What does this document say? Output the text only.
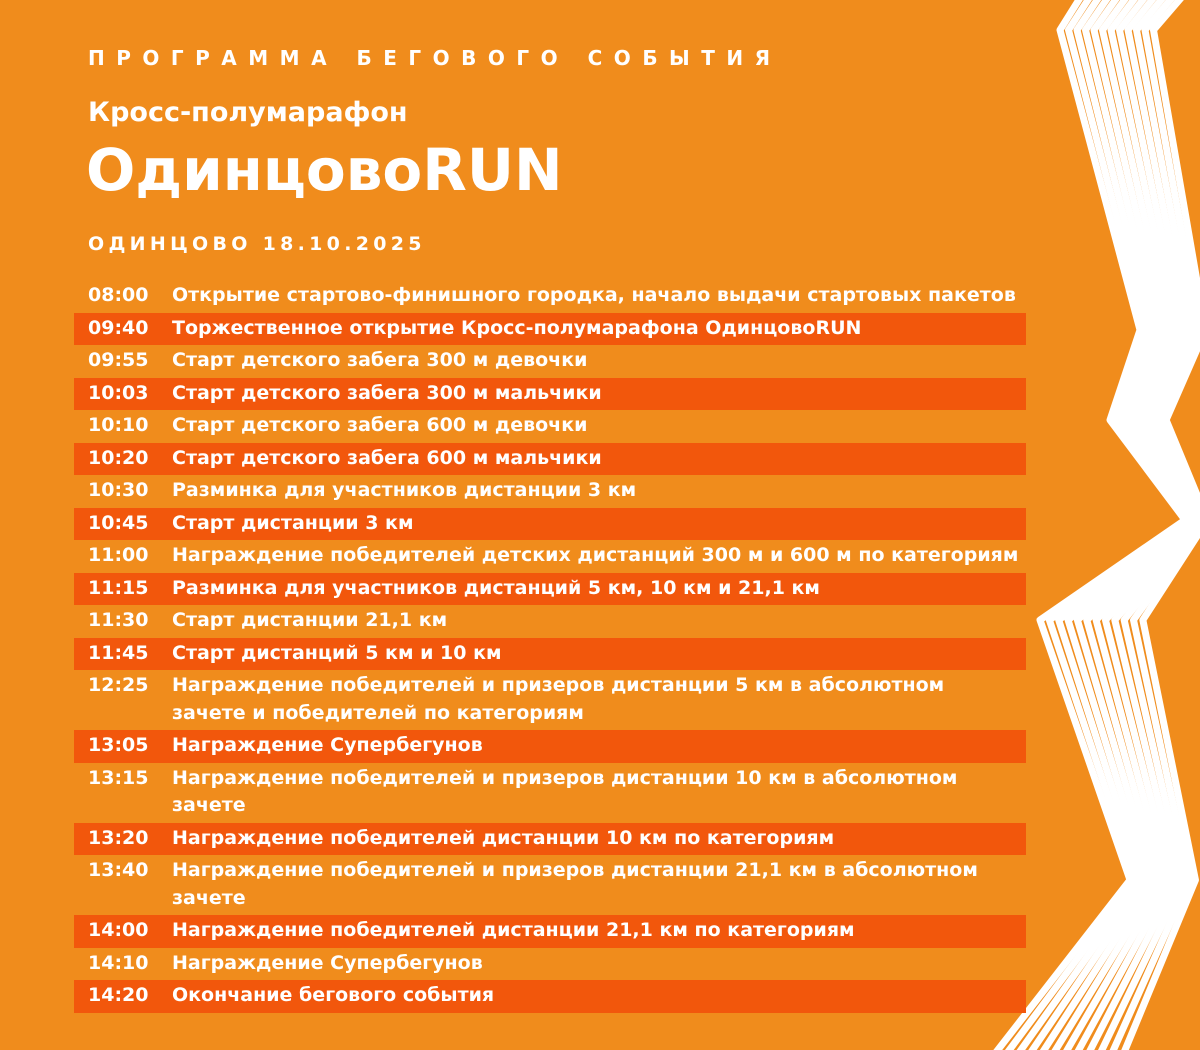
ПРОГРАММА БЕГОВОГО СОБЫТИЯ
Кросс-полумарафон
ОдинцовоRUN
ОДИНЦОВО 18.10.2025
08:00	Открытие стартово-финишного городка, начало выдачи стартовых пакетов
09:40	Торжественное открытие Кросс-полумарафона ОдинцовоRUN
09:55	Старт детского забега 300 м девочки
10:03	Старт детского забега 300 м мальчики
10:10	Старт детского забега 600 м девочки
10:20	Старт детского забега 600 м мальчики
10:30	Разминка для участников дистанции 3 км
10:45	Старт дистанции 3 км
11:00	Награждение победителей детских дистанций 300 м и 600 м по категориям
11:15	Разминка для участников дистанций 5 км, 10 км и 21,1 км
11:30	Старт дистанции 21,1 км
11:45	Старт дистанций 5 км и 10 км
12:25	Награждение победителей и призеров дистанции 5 км в абсолютном зачете и победителей по категориям
13:05	Награждение Супербегунов
13:15	Награждение победителей и призеров дистанции 10 км в абсолютном зачете
13:20	Награждение победителей дистанции 10 км по категориям
13:40	Награждение победителей и призеров дистанции 21,1 км в абсолютном зачете
14:00	Награждение победителей дистанции 21,1 км по категориям
14:10	Награждение Супербегунов
14:20	Окончание бегового события
